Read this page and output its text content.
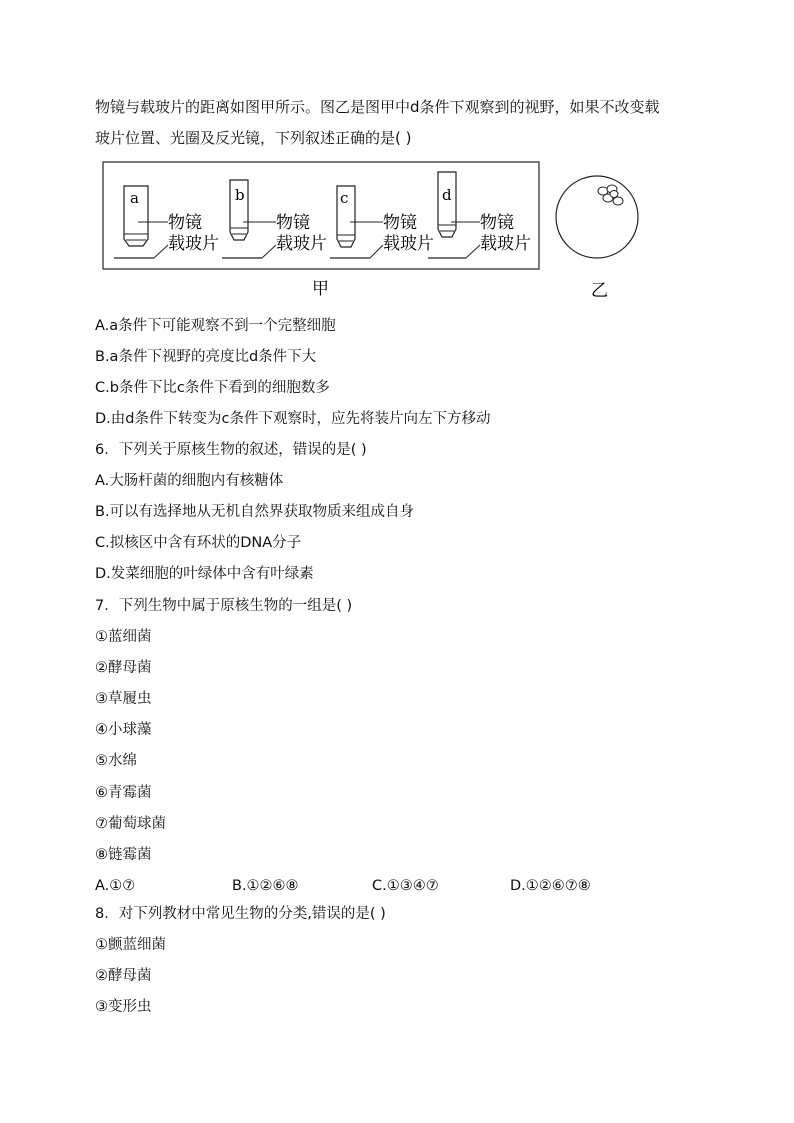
物镜与载玻片的距离如图甲所示。图乙是图甲中d条件下观察到的视野，如果不改变载
玻片位置、光圈及反光镜，下列叙述正确的是( )
a
物镜
载玻片
b
物镜
载玻片
c
物镜
载玻片
d
物镜
载玻片
甲	乙
A.a条件下可能观察不到一个完整细胞
B.a条件下视野的亮度比d条件下大
C.b条件下比c条件下看到的细胞数多
D.由d条件下转变为c条件下观察时，应先将装片向左下方移动
6．下列关于原核生物的叙述，错误的是( )
A.大肠杆菌的细胞内有核糖体
B.可以有选择地从无机自然界获取物质来组成自身
C.拟核区中含有环状的DNA分子
D.发菜细胞的叶绿体中含有叶绿素
7．下列生物中属于原核生物的一组是( )
①蓝细菌
②酵母菌
③草履虫
④小球藻
⑤水绵
⑥青霉菌
⑦葡萄球菌
⑧链霉菌
A.①⑦	B.①②⑥⑧	C.①③④⑦	D.①②⑥⑦⑧
8．对下列教材中常见生物的分类,错误的是( )
①颤蓝细菌
②酵母菌
③变形虫
